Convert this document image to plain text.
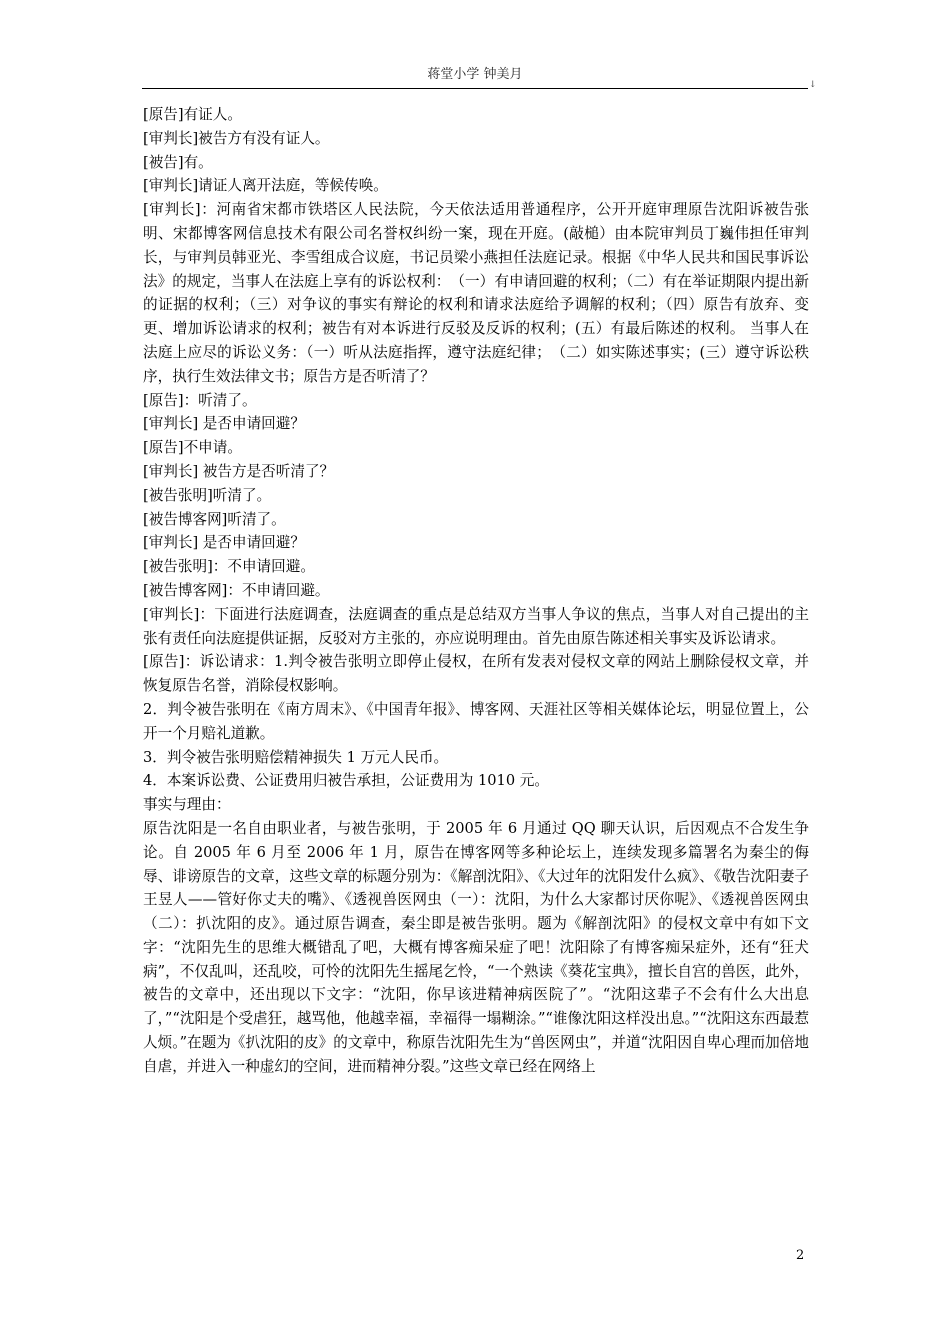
蒋堂小学 钟美月
↓

[原告]有证人。

[审判长]被告方有没有证人。

[被告]有。

[审判长]请证人离开法庭，等候传唤。

[审判长]：河南省宋都市铁塔区人民法院，今天依法适用普通程序，公开开庭审理原告沈阳诉被告张明、宋都博客网信息技术有限公司名誉权纠纷一案，现在开庭。(敲槌）由本院审判员丁巍伟担任审判长，与审判员韩亚光、李雪组成合议庭，书记员梁小燕担任法庭记录。根据《中华人民共和国民事诉讼法》的规定，当事人在法庭上享有的诉讼权利：　（一）有申请回避的权利；（二）有在举证期限内提出新的证据的权利；（三）对争议的事实有辩论的权利和请求法庭给予调解的权利；（四）原告有放弃、变更、增加诉讼请求的权利；被告有对本诉进行反驳及反诉的权利；(五）有最后陈述的权利。 当事人在法庭上应尽的诉讼义务：（一）听从法庭指挥，遵守法庭纪律；　（二）如实陈述事实；(三）遵守诉讼秩序，执行生效法律文书；原告方是否听清了？

[原告]：听清了。

[审判长] 是否申请回避？

[原告]不申请。

[审判长] 被告方是否听清了？

[被告张明]听清了。

[被告博客网]听清了。

[审判长] 是否申请回避？

[被告张明]：不申请回避。

[被告博客网]：不申请回避。

[审判长]：下面进行法庭调查，法庭调查的重点是总结双方当事人争议的焦点，当事人对自己提出的主张有责任向法庭提供证据，反驳对方主张的，亦应说明理由。首先由原告陈述相关事实及诉讼请求。

[原告]：诉讼请求：1.判令被告张明立即停止侵权，在所有发表对侵权文章的网站上删除侵权文章，并恢复原告名誉，消除侵权影响。

2．判令被告张明在《南方周末》、《中国青年报》、博客网、天涯社区等相关媒体论坛，明显位置上，公开一个月赔礼道歉。

3．判令被告张明赔偿精神损失 1 万元人民币。

4．本案诉讼费、公证费用归被告承担，公证费用为 1010 元。

事实与理由：

原告沈阳是一名自由职业者，与被告张明，于 2005 年 6 月通过 QQ 聊天认识，后因观点不合发生争论。自 2005 年 6 月至 2006 年 1 月，原告在博客网等多种论坛上，连续发现多篇署名为秦尘的侮辱、诽谤原告的文章，这些文章的标题分别为：《解剖沈阳》、《大过年的沈阳发什么疯》、《敬告沈阳妻子王昱人——管好你丈夫的嘴》、《透视兽医网虫（一）：沈阳，为什么大家都讨厌你呢》、《透视兽医网虫（二）：扒沈阳的皮》。通过原告调查，秦尘即是被告张明。题为《解剖沈阳》的侵权文章中有如下文字：“沈阳先生的思维大概错乱了吧，大概有博客痴呆症了吧！沈阳除了有博客痴呆症外，还有“狂犬病”，不仅乱叫，还乱咬，可怜的沈阳先生摇尾乞怜，“一个熟读《葵花宝典》，擅长自宫的兽医，此外，被告的文章中，还出现以下文字：“沈阳，你早该进精神病医院了”。“沈阳这辈子不会有什么大出息了，”“沈阳是个受虐狂，越骂他，他越幸福，幸福得一塌糊涂。”“谁像沈阳这样没出息。”“沈阳这东西最惹人烦。”在题为《扒沈阳的皮》的文章中，称原告沈阳先生为“兽医网虫”，并道“沈阳因自卑心理而加倍地自虐，并进入一种虚幻的空间，进而精神分裂。”这些文章已经在网络上

2
